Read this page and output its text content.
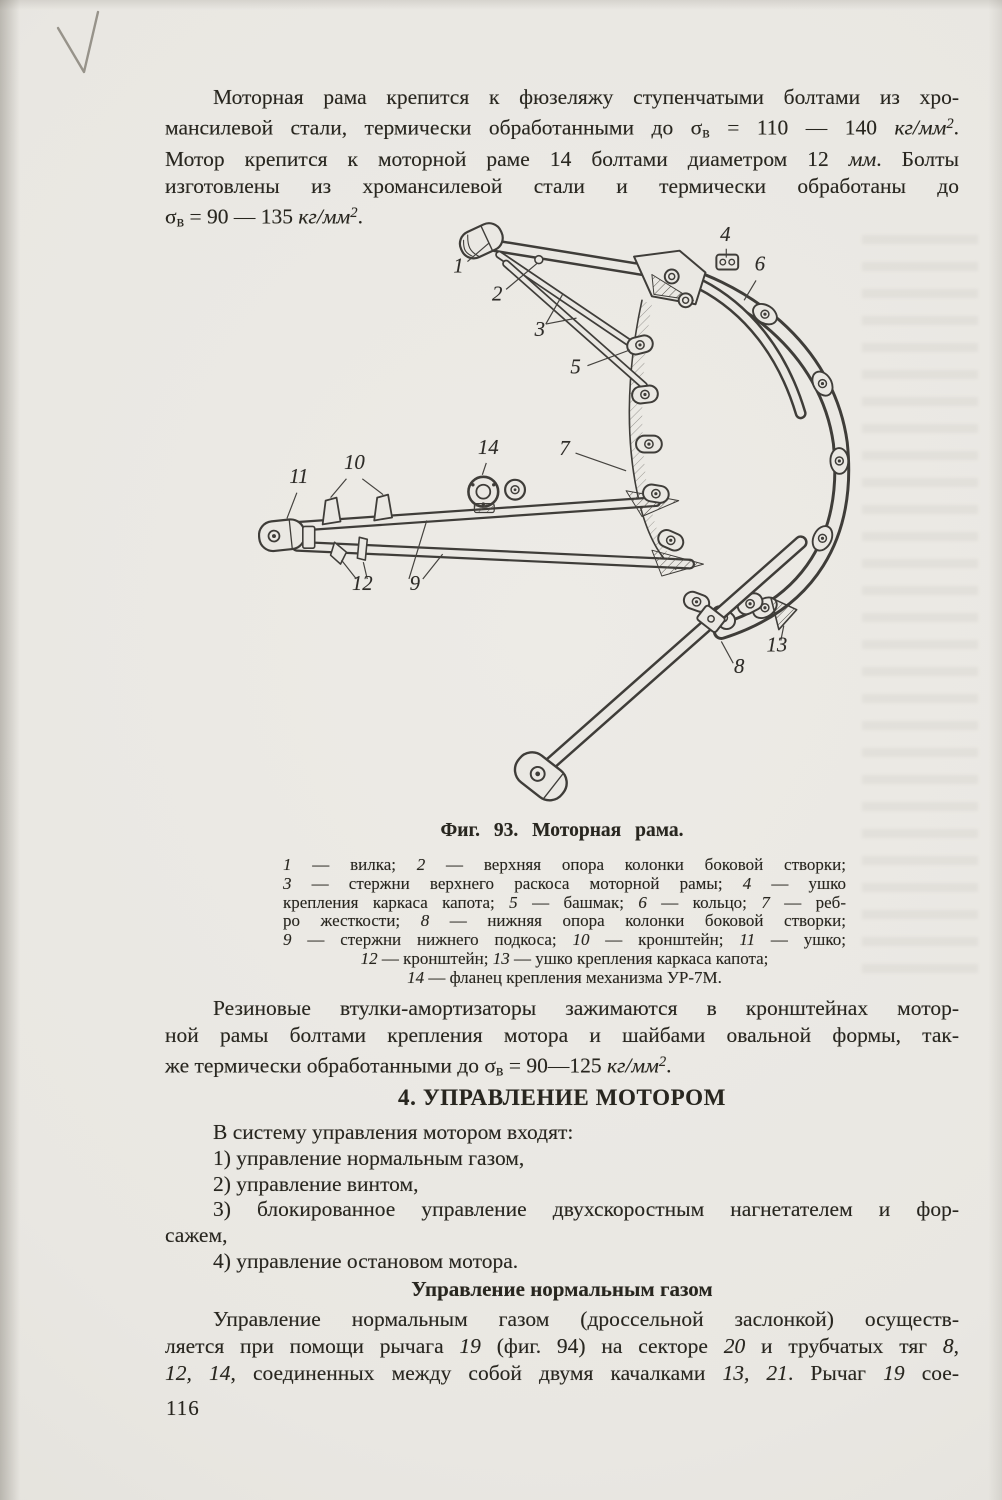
Моторная рама крепится к фюзеляжу ступенчатыми болтами из хро-
мансилевой стали, термически обработанными до σв = 110 — 140 $кг/мм^2$.
Мотор крепится к моторной раме 14 болтами диаметром 12 мм. Болты
изготовлены из хромансилевой стали и термически обработаны до
σв = 90 — 135 $кг/мм^2$.
1
2
3
4
5
6
7
14
10
11
12 9
13
8
Фиг. 93. Моторная рама.
1 — вилка; 2 — верхняя опора колонки боковой створки;
3 — стержни верхнего раскоса моторной рамы; 4 — ушко
крепления каркаса капота; 5 — башмак; 6 — кольцо; 7 — реб-
ро жесткости; 8 — нижняя опора колонки боковой створки;
9 — стержни нижнего подкоса; 10 — кронштейн; 11 — ушко;
12 — кронштейн; 13 — ушко крепления каркаса капота;
14 — фланец крепления механизма УР-7М.
Резиновые втулки-амортизаторы зажимаются в кронштейнах мотор-
ной рамы болтами крепления мотора и шайбами овальной формы, так-
же термически обработанными до σв = 90—125 $кг/мм^2$.
4. УПРАВЛЕНИЕ МОТОРОМ
В систему управления мотором входят:
1) управление нормальным газом,
2) управление винтом,
3) блокированное управление двухскоростным нагнетателем и фор-
сажем,
4) управление остановом мотора.
Управление нормальным газом
Управление нормальным газом (дроссельной заслонкой) осуществ-
ляется при помощи рычага 19 (фиг. 94) на секторе 20 и трубчатых тяг 8,
12, 14, соединенных между собой двумя качалками 13, 21. Рычаг 19 сое-
116
